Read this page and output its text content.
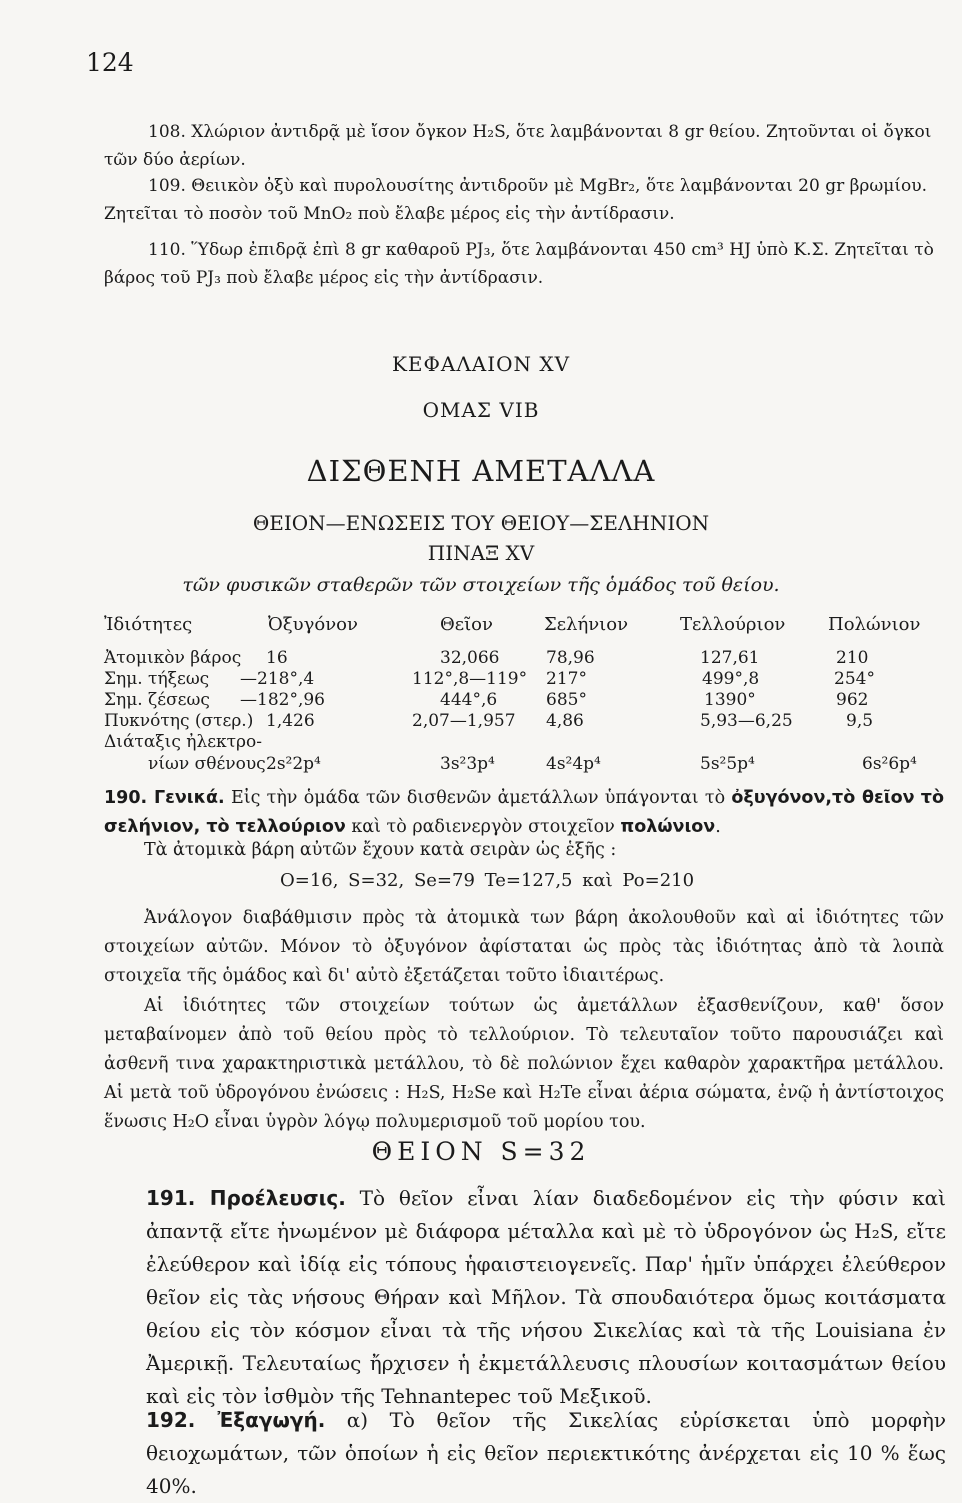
124
108. Χλώριον ἀντιδρᾷ μὲ ἴσον ὄγκον H₂S, ὅτε λαμβάνονται 8 gr θείου. Ζητοῦνται οἱ ὄγκοι τῶν δύο ἀερίων.
109. Θειικὸν ὀξὺ καὶ πυρολουσίτης ἀντιδροῦν μὲ MgBr₂, ὅτε λαμβάνονται 20 gr βρωμίου. Ζητεῖται τὸ ποσὸν τοῦ MnO₂ ποὺ ἔλαβε μέρος εἰς τὴν ἀντίδρασιν.
110. Ὕδωρ ἐπιδρᾷ ἐπὶ 8 gr καθαροῦ PJ₃, ὅτε λαμβάνονται 450 cm³ HJ ὑπὸ Κ.Σ. Ζητεῖται τὸ βάρος τοῦ PJ₃ ποὺ ἔλαβε μέρος εἰς τὴν ἀντίδρασιν.
ΚΕΦΑΛΑΙΟΝ XV
ΟΜΑΣ VIB
ΔΙΣΘΕΝΗ ΑΜΕΤΑΛΛΑ
ΘΕΙΟΝ—ΕΝΩΣΕΙΣ ΤΟΥ ΘΕΙΟΥ—ΣΕΛΗΝΙΟΝ
ΠΙΝΑΞ XV
τῶν φυσικῶν σταθερῶν τῶν στοιχείων τῆς ὁμάδος τοῦ θείου.
Ἰδιότητες	Ὀξυγόνον	Θεῖον	Σελήνιον	Τελλούριον Πολώνιον
Ἀτομικὸν βάρος 16	32,066	78,96	127,61	210
Σημ. τήξεως —218°,4	112°,8—119° 217°	499°,8	254°
Σημ. ζέσεως —182°,96	444°,6	685°	1390°	962
Πυκνότης (στερ.) 1,426	2,07—1,957 4,86	5,93—6,25	9,5
Διάταξις ἠλεκτρο-
νίων σθένους 2s²2p⁴	3s²3p⁴	4s²4p⁴	5s²5p⁴	6s²6p⁴
190. Γενικά. Εἰς τὴν ὁμάδα τῶν δισθενῶν ἀμετάλλων ὑπάγονται τὸ ὀξυγόνον,τὸ θεῖον τὸ σελήνιον, τὸ τελλούριον καὶ τὸ ραδιενεργὸν στοιχεῖον πολώνιον.
Τὰ ἀτομικὰ βάρη αὐτῶν ἔχουν κατὰ σειρὰν ὡς ἑξῆς :
O=16, S=32, Se=79 Te=127,5 καὶ Po=210
Ἀνάλογον διαβάθμισιν πρὸς τὰ ἀτομικὰ των βάρη ἀκολουθοῦν καὶ αἱ ἰδιότητες τῶν στοιχείων αὐτῶν. Μόνον τὸ ὀξυγόνον ἀφίσταται ὡς πρὸς τὰς ἰδιότητας ἀπὸ τὰ λοιπὰ στοιχεῖα τῆς ὁμάδος καὶ δι' αὐτὸ ἐξετάζεται τοῦτο ἰδιαιτέρως.
Αἱ ἰδιότητες τῶν στοιχείων τούτων ὡς ἀμετάλλων ἐξασθενίζουν, καθ' ὅσον μεταβαίνομεν ἀπὸ τοῦ θείου πρὸς τὸ τελλούριον. Τὸ τελευταῖον τοῦτο παρουσιάζει καὶ ἀσθενῆ τινα χαρακτηριστικὰ μετάλλου, τὸ δὲ πολώνιον ἔχει καθαρὸν χαρακτῆρα μετάλλου. Αἱ μετὰ τοῦ ὑδρογόνου ἐνώσεις : H₂S, H₂Se καὶ H₂Te εἶναι ἀέρια σώματα, ἐνῷ ἡ ἀντίστοιχος ἕνωσις H₂O εἶναι ὑγρὸν λόγῳ πολυμερισμοῦ τοῦ μορίου του.
ΘΕΙΟΝ S=32
191. Προέλευσις. Τὸ θεῖον εἶναι λίαν διαδεδομένον εἰς τὴν φύσιν καὶ ἀπαντᾷ εἴτε ἡνωμένον μὲ διάφορα μέταλλα καὶ μὲ τὸ ὑδρογόνον ὡς H₂S, εἴτε ἐλεύθερον καὶ ἰδίᾳ εἰς τόπους ἡφαιστειογενεῖς. Παρ' ἡμῖν ὑπάρχει ἐλεύθερον θεῖον εἰς τὰς νήσους Θήραν καὶ Μῆλον. Τὰ σπουδαιότερα ὅμως κοιτάσματα θείου εἰς τὸν κόσμον εἶναι τὰ τῆς νήσου Σικελίας καὶ τὰ τῆς Louisiana ἐν Ἀμερικῇ. Τελευταίως ἤρχισεν ἡ ἐκμετάλλευσις πλουσίων κοιτασμάτων θείου καὶ εἰς τὸν ἰσθμὸν τῆς Tehnantepec τοῦ Μεξικοῦ.
192. Ἐξαγωγή. α) Τὸ θεῖον τῆς Σικελίας εὑρίσκεται ὑπὸ μορφὴν θειοχωμάτων, τῶν ὁποίων ἡ εἰς θεῖον περιεκτικότης ἀνέρχεται εἰς 10 % ἕως 40%.
